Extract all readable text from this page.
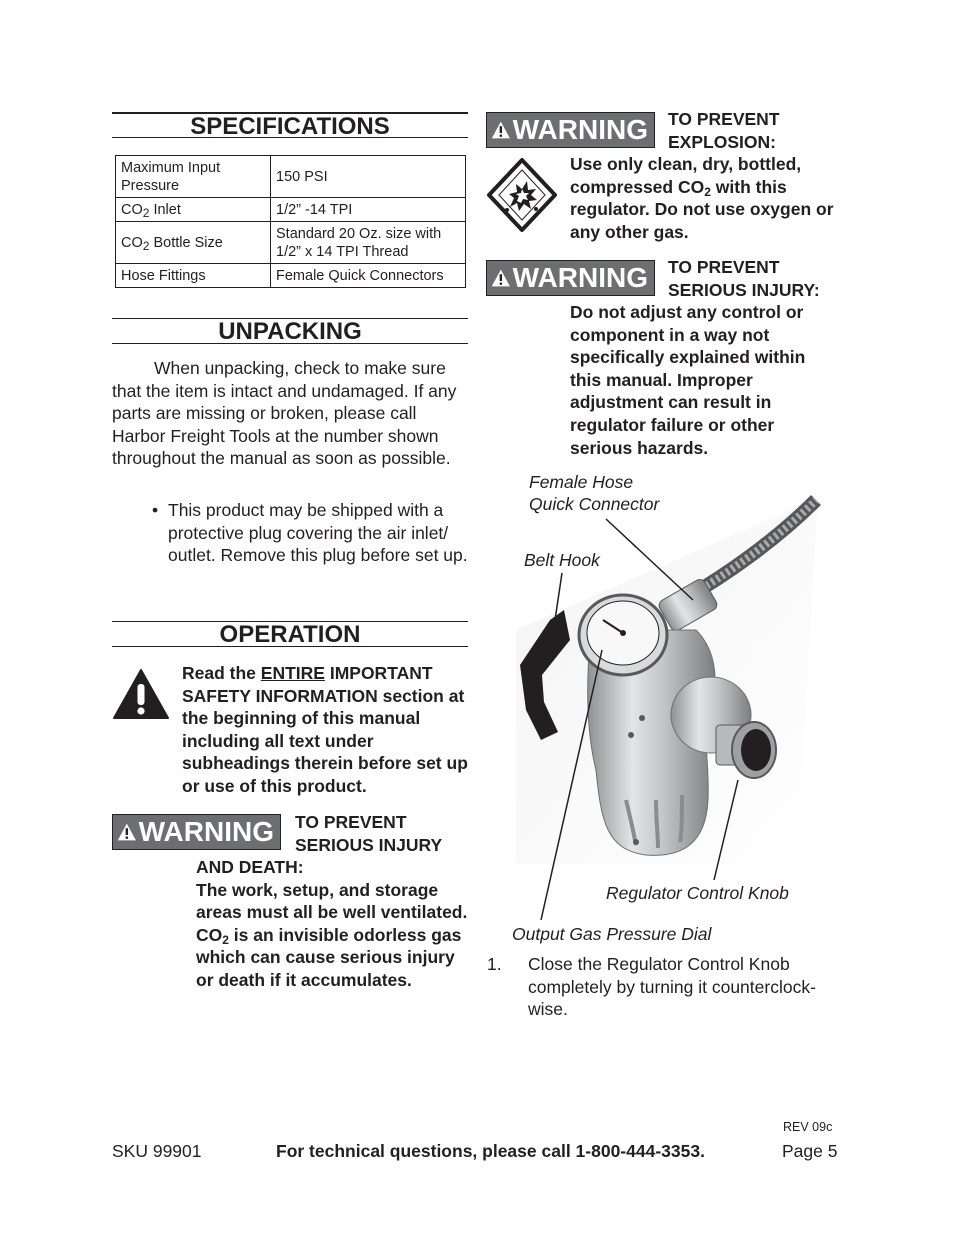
SPECIFICATIONS
Maximum Input Pressure	150 PSI
$CO_2$ Inlet	1/2” -14 TPI
$CO_2$ Bottle Size	Standard 20 Oz. size with 1/2” x 14 TPI Thread
Hose Fittings	Female Quick Connectors
UNPACKING
When unpacking, check to make sure that the item is intact and undamaged. If any parts are missing or broken, please call Harbor Freight Tools at the number shown throughout the manual as soon as possible.
• This product may be shipped with a protective plug covering the air inlet/ outlet. Remove this plug before set up.
OPERATION
Read the ENTIRE IMPORTANT SAFETY INFORMATION section at the beginning of this manual including all text under subheadings therein before set up or use of this product.
WARNING TO PREVENT
SERIOUS INJURY
AND DEATH:
The work, setup, and storage areas must all be well ventilated. $CO_2$ is an invisible odorless gas which can cause serious injury or death if it accumulates.
WARNING TO PREVENT
EXPLOSION:
Use only clean, dry, bottled, compressed $CO_2$ with this regulator. Do not use oxygen or any other gas.
WARNING TO PREVENT
SERIOUS INJURY:
Do not adjust any control or component in a way not specifically explained within this manual. Improper adjustment can result in regulator failure or other serious hazards.
Female Hose
Quick Connector
Belt Hook
Regulator Control Knob
Output Gas Pressure Dial
1. Close the Regulator Control Knob completely by turning it counterclock-wise.
REV 09c
SKU 99901	For technical questions, please call 1-800-444-3353.	Page 5
